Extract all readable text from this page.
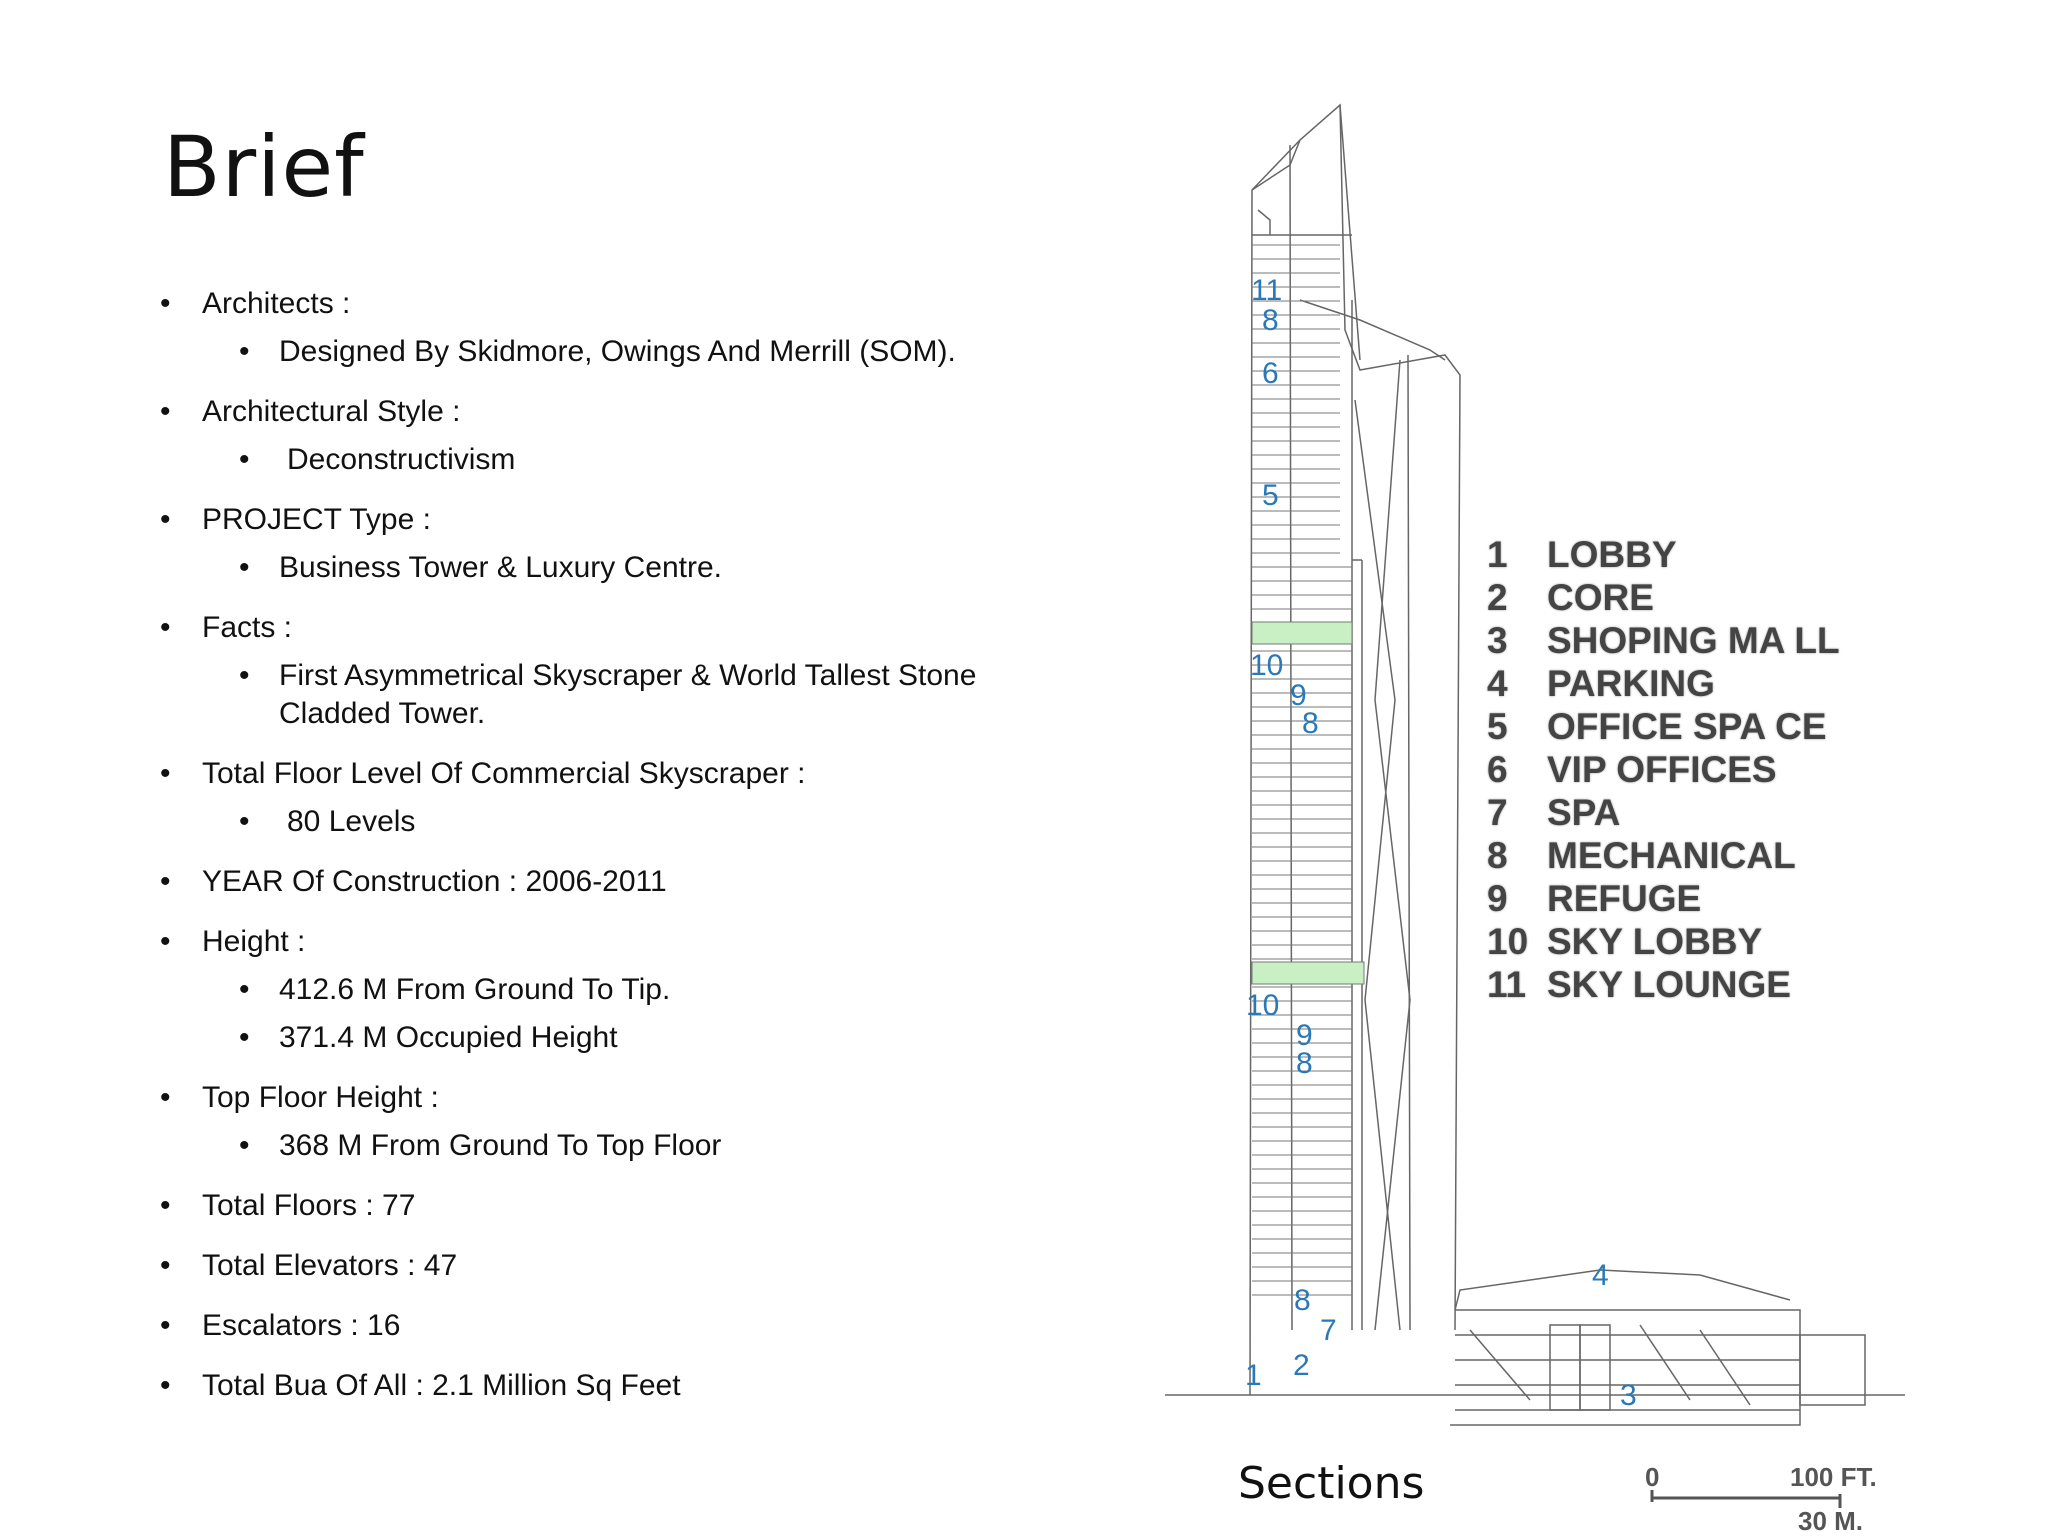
Brief
• Architects :
• Designed By Skidmore, Owings And Merrill (SOM).
• Architectural Style :
• Deconstructivism
• PROJECT Type :
• Business Tower & Luxury Centre.
• Facts :
• First Asymmetrical Skyscraper & World Tallest Stone Cladded Tower.
• Total Floor Level Of Commercial Skyscraper :
• 80 Levels
• YEAR Of Construction : 2006-2011
• Height :
• 412.6 M From Ground To Tip.
• 371.4 M Occupied Height
• Top Floor Height :
• 368 M From Ground To Top Floor
• Total Floors : 77
• Total Elevators : 47
• Escalators : 16
• Total Bua Of All : 2.1 Million Sq Feet
11
8
6
5
10
9
8
10
9
8
8
7
1 2
3
4
1	LOBBY
2	CORE
3	SHOPING MA LL
4	PARKING
5	OFFICE SPA CE
6	VIP OFFICES
7	SPA
8	MECHANICAL
9	REFUGE
10 SKY LOBBY
11 SKY LOUNGE
Sections	0	100 FT.
30 M.
